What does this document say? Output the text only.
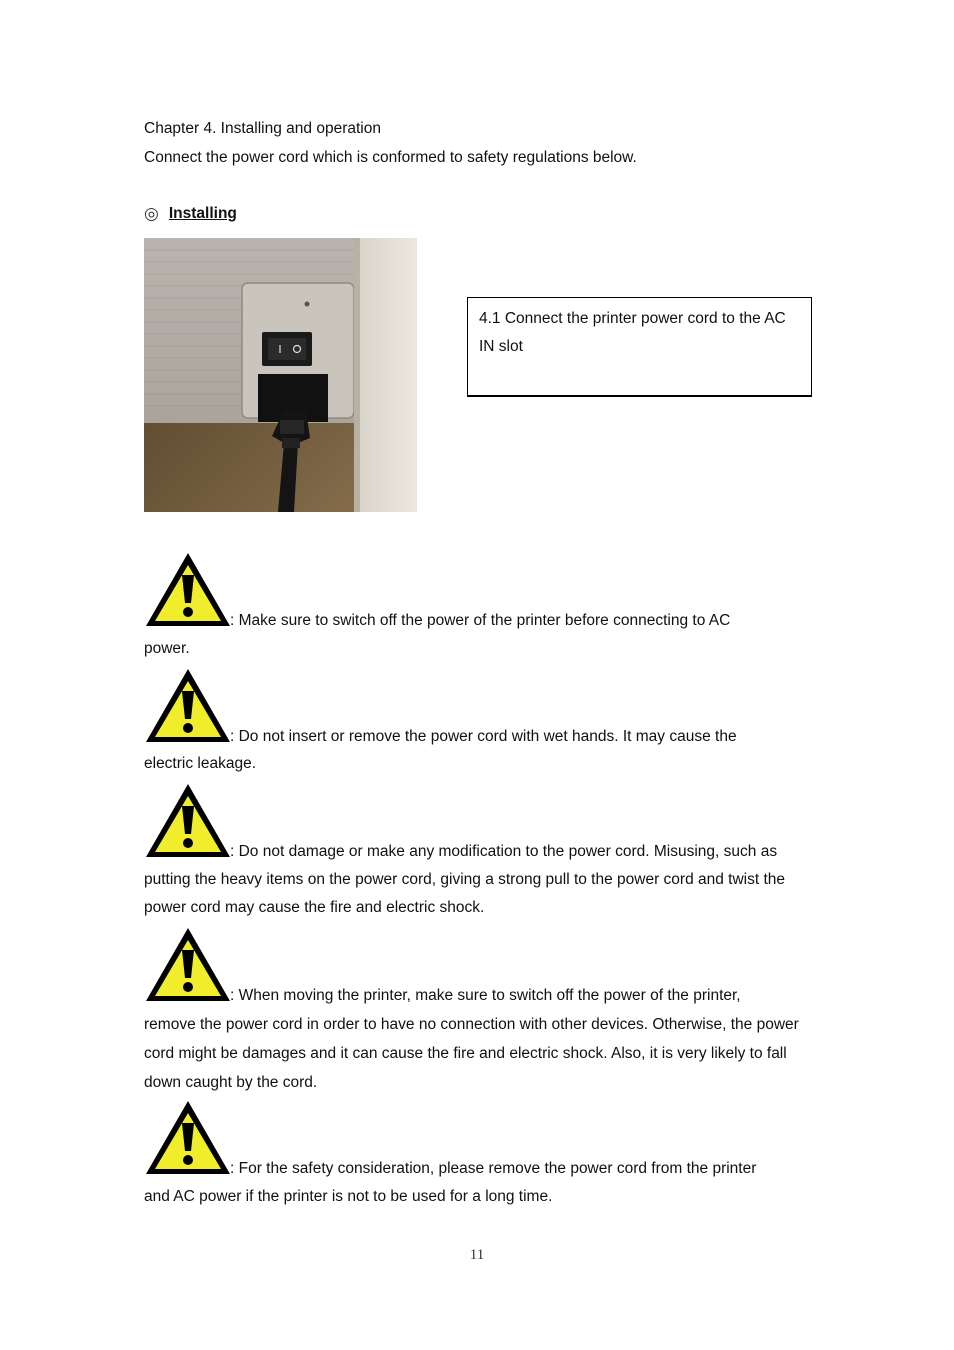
Chapter 4. Installing and operation
Connect the power cord which is conformed to safety regulations below.
◎ Installing
4.1 Connect the printer power cord to the AC IN slot
: Make sure to switch off the power of the printer before connecting to AC
power.
: Do not insert or remove the power cord with wet hands. It may cause the
electric leakage.
: Do not damage or make any modification to the power cord. Misusing, such as
putting the heavy items on the power cord, giving a strong pull to the power cord and twist the power cord may cause the fire and electric shock.
: When moving the printer, make sure to switch off the power of the printer,
remove the power cord in order to have no connection with other devices. Otherwise, the power cord might be damages and it can cause the fire and electric shock. Also, it is very likely to fall down caught by the cord.
: For the safety consideration, please remove the power cord from the printer
and AC power if the printer is not to be used for a long time.
11
